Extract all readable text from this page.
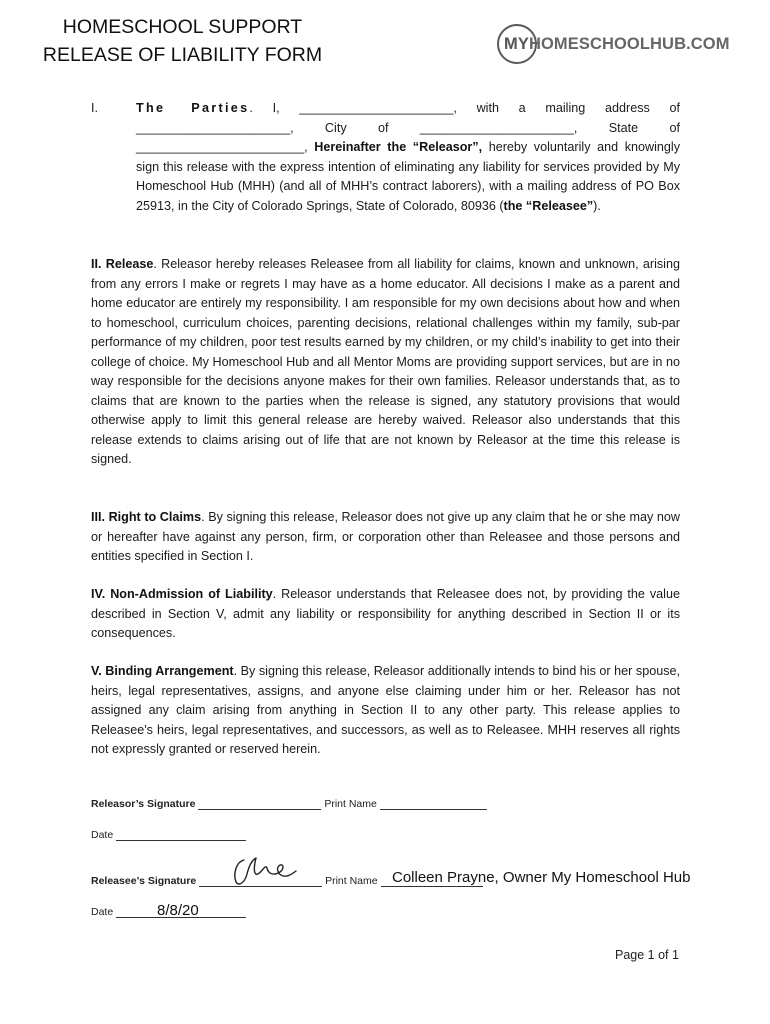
HOMESCHOOL SUPPORT
RELEASE OF LIABILITY FORM
MYHOMESCHOOLHUB.COM
I.	The Parties. I, ______________________, with a mailing address of ______________________, City of ______________________, State of ________________________, Hereinafter the “Releasor”, hereby voluntarily and knowingly sign this release with the express intention of eliminating any liability for services provided by My Homeschool Hub (MHH) (and all of MHH’s contract laborers), with a mailing address of PO Box 25913, in the City of Colorado Springs, State of Colorado, 80936 (the “Releasee”).

II. Release. Releasor hereby releases Releasee from all liability for claims, known and unknown, arising from any errors I make or regrets I may have as a home educator. All decisions I make as a parent and home educator are entirely my responsibility. I am responsible for my own decisions about how and when to homeschool, curriculum choices, parenting decisions, relational challenges within my family, sub-par performance of my children, poor test results earned by my children, or my child’s inability to get into their college of choice. My Homeschool Hub and all Mentor Moms are providing support services, but are in no way responsible for the decisions anyone makes for their own families. Releasor understands that, as to claims that are known to the parties when the release is signed, any statutory provisions that would otherwise apply to limit this general release are hereby waived. Releasor also understands that this release extends to claims arising out of life that are not known by Releasor at the time this release is signed.

III. Right to Claims. By signing this release, Releasor does not give up any claim that he or she may now or hereafter have against any person, firm, or corporation other than Releasee and those persons and entities specified in Section I.

IV. Non-Admission of Liability. Releasor understands that Releasee does not, by providing the value described in Section V, admit any liability or responsibility for anything described in Section II or its consequences.

V. Binding Arrangement. By signing this release, Releasor additionally intends to bind his or her spouse, heirs, legal representatives, assigns, and anyone else claiming under him or her. Releasor has not assigned any claim arising from anything in Section II to any other party. This release applies to Releasee's heirs, legal representatives, and successors, as well as to Releasee. MHH reserves all rights not expressly granted or reserved herein.

Releasor’s Signature	Print Name
Date
Releasee’s Signature	Print Name Colleen Prayne, Owner My Homeschool Hub
Date	8/8/20
Page 1 of 1
